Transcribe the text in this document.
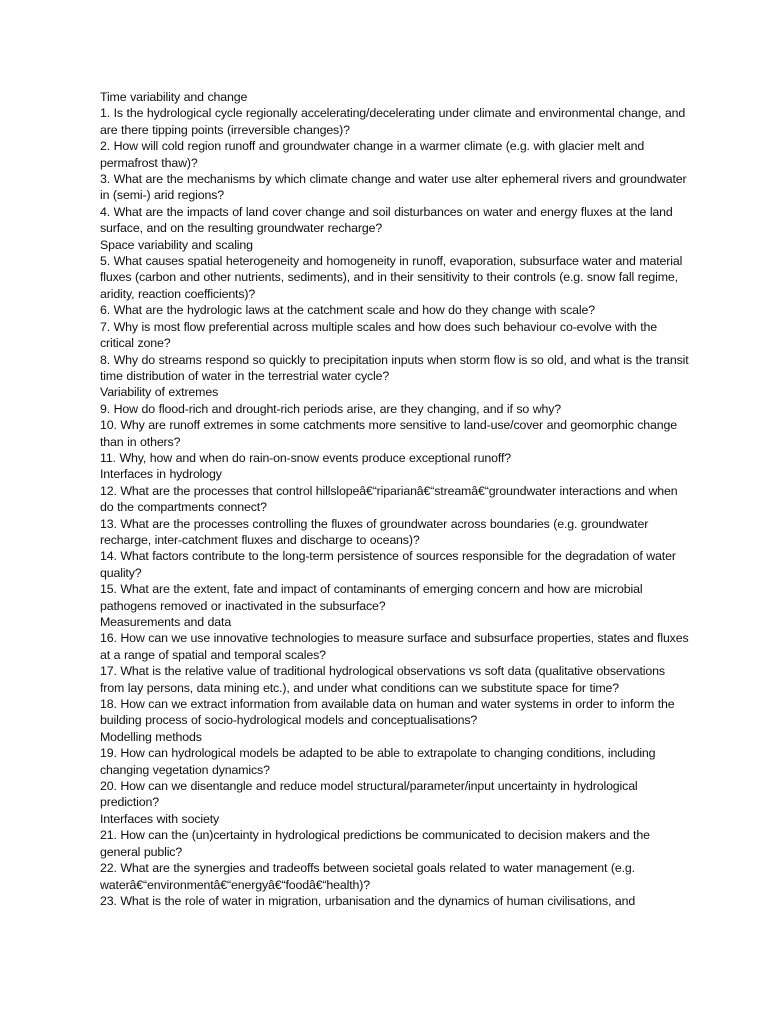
Time variability and change

1. Is the hydrological cycle regionally accelerating/decelerating under climate and environmental change, and are there tipping points (irreversible changes)?

2. How will cold region runoff and groundwater change in a warmer climate (e.g. with glacier melt and permafrost thaw)?

3. What are the mechanisms by which climate change and water use alter ephemeral rivers and groundwater in (semi-) arid regions?

4. What are the impacts of land cover change and soil disturbances on water and energy fluxes at the land surface, and on the resulting groundwater recharge?

Space variability and scaling

5. What causes spatial heterogeneity and homogeneity in runoff, evaporation, subsurface water and material fluxes (carbon and other nutrients, sediments), and in their sensitivity to their controls (e.g. snow fall regime, aridity, reaction coefficients)?

6. What are the hydrologic laws at the catchment scale and how do they change with scale?

7. Why is most flow preferential across multiple scales and how does such behaviour co-evolve with the critical zone?

8. Why do streams respond so quickly to precipitation inputs when storm flow is so old, and what is the transit time distribution of water in the terrestrial water cycle?

Variability of extremes

9. How do flood-rich and drought-rich periods arise, are they changing, and if so why?

10. Why are runoff extremes in some catchments more sensitive to land-use/cover and geomorphic change than in others?

11. Why, how and when do rain-on-snow events produce exceptional runoff?

Interfaces in hydrology

12. What are the processes that control hillslopeâ€“riparianâ€“streamâ€“groundwater interactions and when do the compartments connect?

13. What are the processes controlling the fluxes of groundwater across boundaries (e.g. groundwater recharge, inter-catchment fluxes and discharge to oceans)?

14. What factors contribute to the long-term persistence of sources responsible for the degradation of water quality?

15. What are the extent, fate and impact of contaminants of emerging concern and how are microbial pathogens removed or inactivated in the subsurface?

Measurements and data

16. How can we use innovative technologies to measure surface and subsurface properties, states and fluxes at a range of spatial and temporal scales?

17. What is the relative value of traditional hydrological observations vs soft data (qualitative observations from lay persons, data mining etc.), and under what conditions can we substitute space for time?

18. How can we extract information from available data on human and water systems in order to inform the building process of socio-hydrological models and conceptualisations?

Modelling methods

19. How can hydrological models be adapted to be able to extrapolate to changing conditions, including changing vegetation dynamics?

20. How can we disentangle and reduce model structural/parameter/input uncertainty in hydrological prediction?

Interfaces with society

21. How can the (un)certainty in hydrological predictions be communicated to decision makers and the general public?

22. What are the synergies and tradeoffs between societal goals related to water management (e.g. waterâ€“environmentâ€“energyâ€“foodâ€“health)?

23. What is the role of water in migration, urbanisation and the dynamics of human civilisations, and
